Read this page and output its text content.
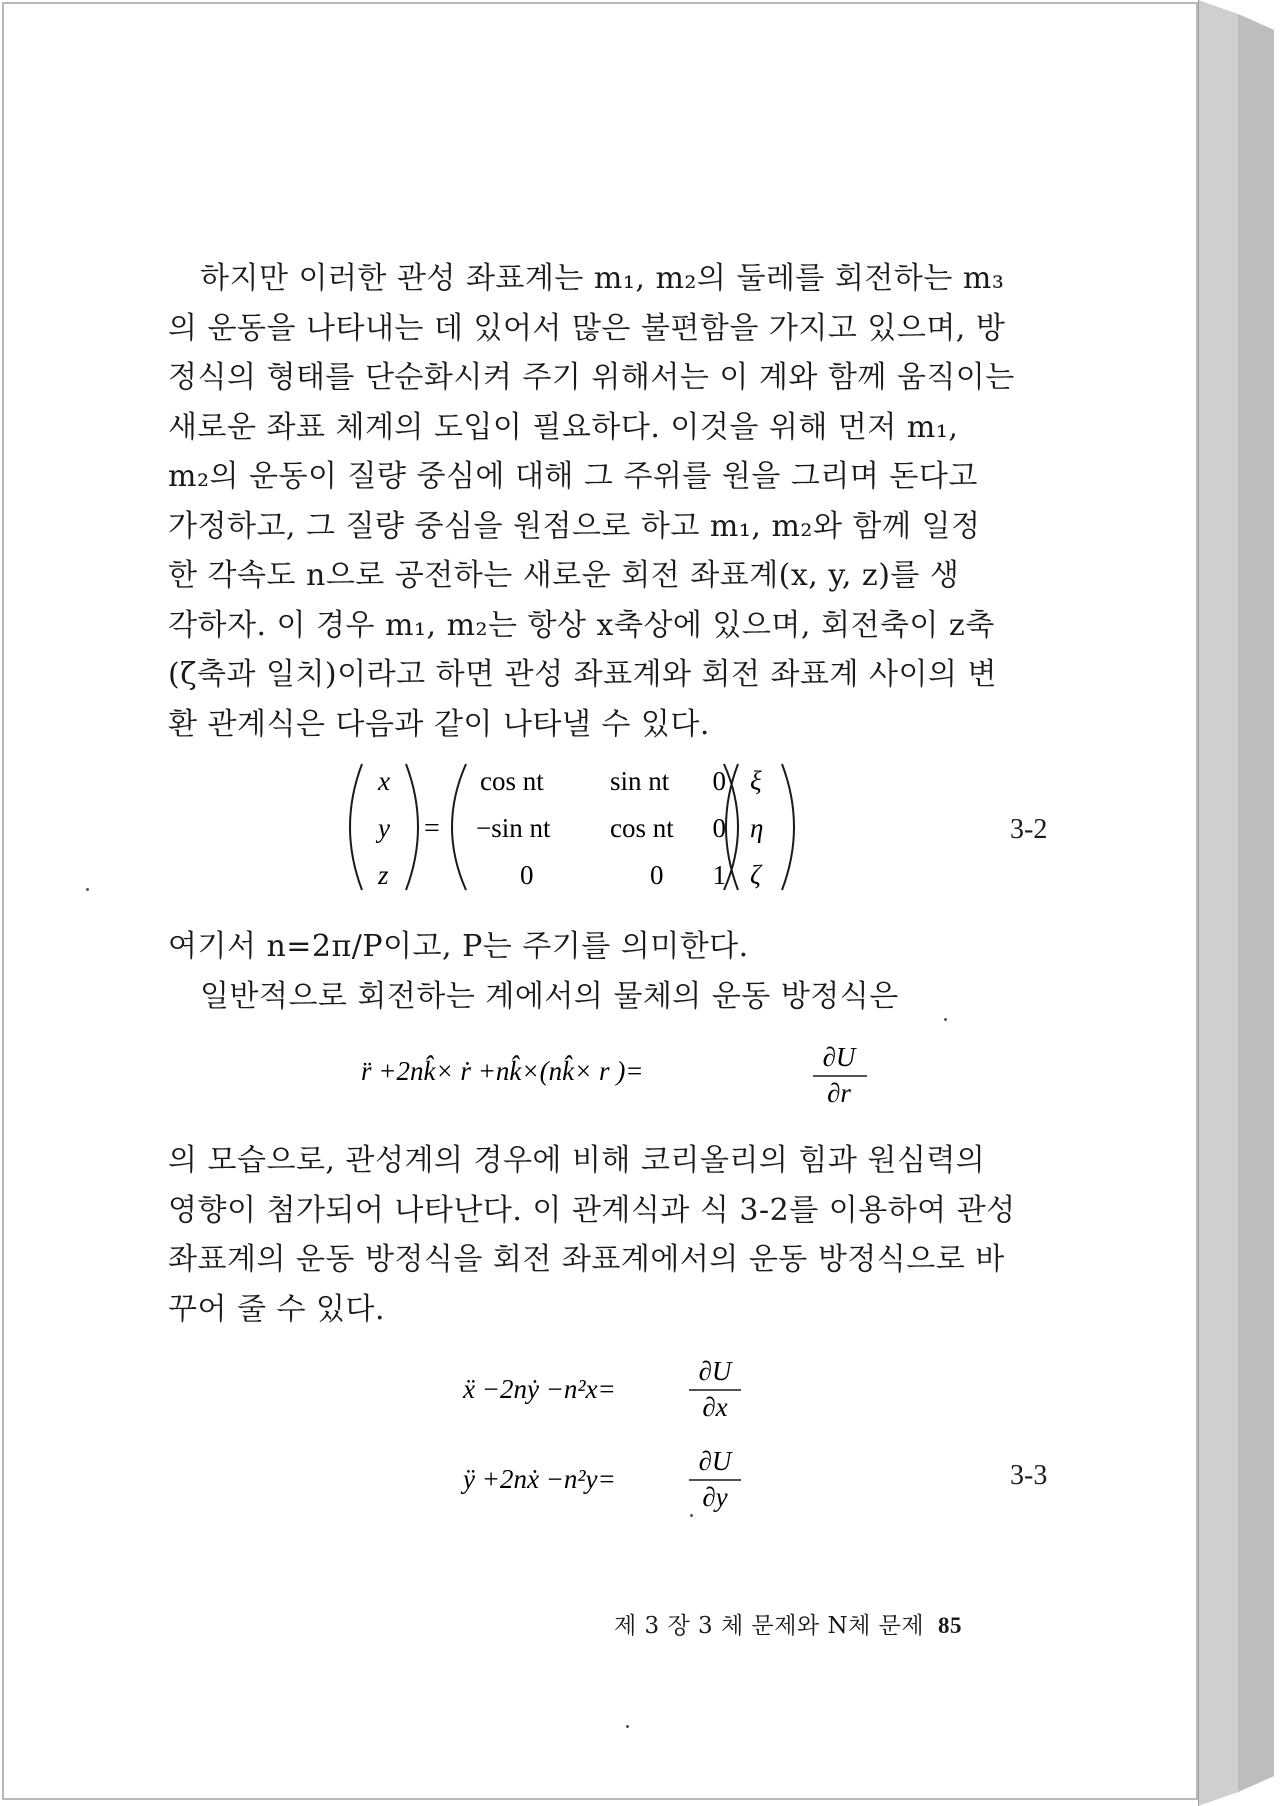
하지만 이러한 관성 좌표계는 m₁, m₂의 둘레를 회전하는 m₃
의 운동을 나타내는 데 있어서 많은 불편함을 가지고 있으며, 방
정식의 형태를 단순화시켜 주기 위해서는 이 계와 함께 움직이는
새로운 좌표 체계의 도입이 필요하다. 이것을 위해 먼저 m₁,
m₂의 운동이 질량 중심에 대해 그 주위를 원을 그리며 돈다고
가정하고, 그 질량 중심을 원점으로 하고 m₁, m₂와 함께 일정
한 각속도 n으로 공전하는 새로운 회전 좌표계(x, y, z)를 생
각하자. 이 경우 m₁, m₂는 항상 x축상에 있으며, 회전축이 z축
(ζ축과 일치)이라고 하면 관성 좌표계와 회전 좌표계 사이의 변
환 관계식은 다음과 같이 나타낼 수 있다.
x
y
z
=
cos nt sin nt 0
−sin nt cos nt 0
0	0 1
ξ
η
ζ
3-2
여기서 n=2π/P이고, P는 주기를 의미한다.
일반적으로 회전하는 계에서의 물체의 운동 방정식은
r̈ +2nk̂× ṙ +nk̂×(nk̂× r )=	∂U
∂r
의 모습으로, 관성계의 경우에 비해 코리올리의 힘과 원심력의
영향이 첨가되어 나타난다. 이 관계식과 식 3-2를 이용하여 관성
좌표계의 운동 방정식을 회전 좌표계에서의 운동 방정식으로 바
꾸어 줄 수 있다.
ẍ −2nẏ −n²x=
∂U
∂x
ÿ +2nẋ −n²y=
∂U
∂y
3-3
제 3 장 3 체 문제와 N체 문제 85
